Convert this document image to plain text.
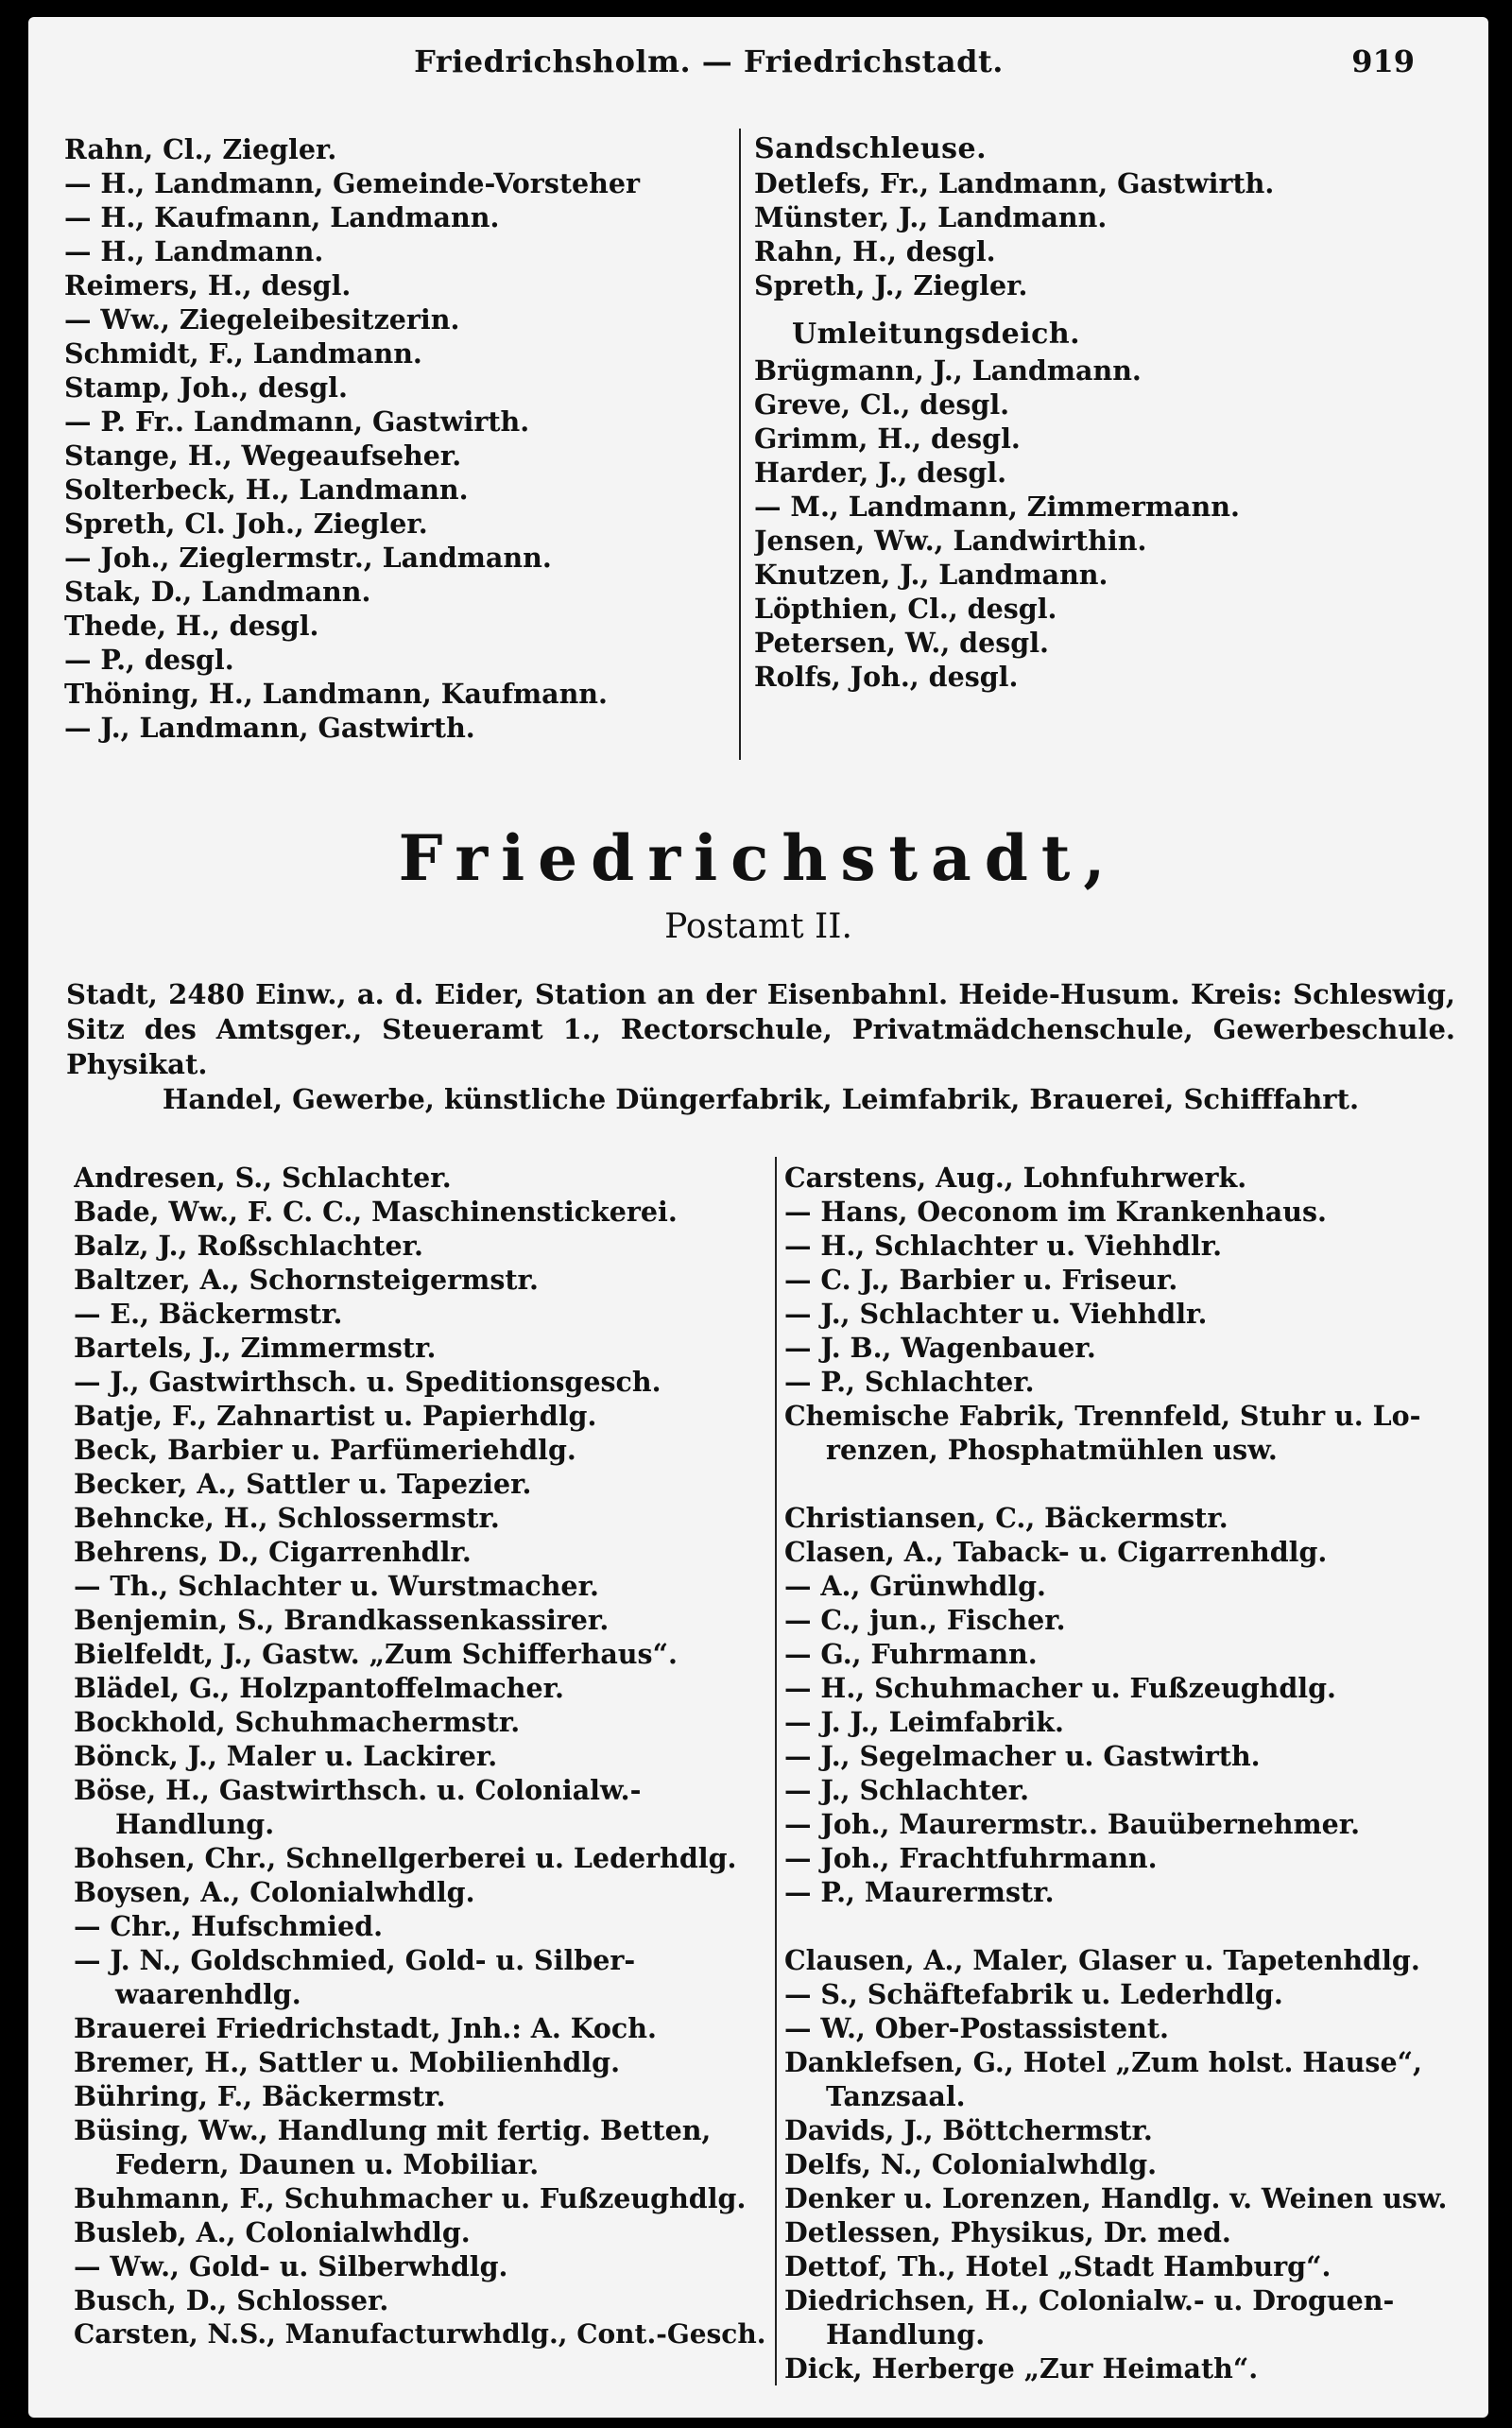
Friedrichsholm. — Friedrichstadt.	919
Rahn, Cl., Ziegler.
— H., Landmann, Gemeinde-Vorsteher
— H., Kaufmann, Landmann.
— H., Landmann.
Reimers, H., desgl.
— Ww., Ziegeleibesitzerin.
Schmidt, F., Landmann.
Stamp, Joh., desgl.
— P. Fr.. Landmann, Gastwirth.
Stange, H., Wegeaufseher.
Solterbeck, H., Landmann.
Spreth, Cl. Joh., Ziegler.
— Joh., Zieglermstr., Landmann.
Stak, D., Landmann.
Thede, H., desgl.
— P., desgl.
Thöning, H., Landmann, Kaufmann.
— J., Landmann, Gastwirth.
Sandschleuse.
Detlefs, Fr., Landmann, Gastwirth.
Münster, J., Landmann.
Rahn, H., desgl.
Spreth, J., Ziegler.
Umleitungsdeich.
Brügmann, J., Landmann.
Greve, Cl., desgl.
Grimm, H., desgl.
Harder, J., desgl.
— M., Landmann, Zimmermann.
Jensen, Ww., Landwirthin.
Knutzen, J., Landmann.
Löpthien, Cl., desgl.
Petersen, W., desgl.
Rolfs, Joh., desgl.
Friedrichstadt,
Postamt II.

Stadt, 2480 Einw., a. d. Eider, Station an der Eisenbahnl. Heide-Husum. Kreis: Schleswig, Sitz des Amtsger., Steueramt 1., Rectorschule, Privatmädchenschule, Gewerbeschule. Physikat.

Handel, Gewerbe, künstliche Düngerfabrik, Leimfabrik, Brauerei, Schifffahrt.

Andresen, S., Schlachter.
Bade, Ww., F. C. C., Maschinenstickerei.
Balz, J., Roßschlachter.
Baltzer, A., Schornsteigermstr.
— E., Bäckermstr.
Bartels, J., Zimmermstr.
— J., Gastwirthsch. u. Speditionsgesch.
Batje, F., Zahnartist u. Papierhdlg.
Beck, Barbier u. Parfümeriehdlg.
Becker, A., Sattler u. Tapezier.
Behncke, H., Schlossermstr.
Behrens, D., Cigarrenhdlr.
— Th., Schlachter u. Wurstmacher.
Benjemin, S., Brandkassenkassirer.
Bielfeldt, J., Gastw. „Zum Schifferhaus“.
Blädel, G., Holzpantoffelmacher.
Bockhold, Schuhmachermstr.
Bönck, J., Maler u. Lackirer.
Böse, H., Gastwirthsch. u. Colonialw.-
Handlung.
Bohsen, Chr., Schnellgerberei u. Lederhdlg.
Boysen, A., Colonialwhdlg.
— Chr., Hufschmied.
— J. N., Goldschmied, Gold- u. Silber-
waarenhdlg.
Brauerei Friedrichstadt, Jnh.: A. Koch.
Bremer, H., Sattler u. Mobilienhdlg.
Bühring, F., Bäckermstr.
Büsing, Ww., Handlung mit fertig. Betten,
Federn, Daunen u. Mobiliar.
Buhmann, F., Schuhmacher u. Fußzeughdlg.
Busleb, A., Colonialwhdlg.
— Ww., Gold- u. Silberwhdlg.
Busch, D., Schlosser.
Carsten, N.S., Manufacturwhdlg., Cont.-Gesch.
Carstens, Aug., Lohnfuhrwerk.
— Hans, Oeconom im Krankenhaus.
— H., Schlachter u. Viehhdlr.
— C. J., Barbier u. Friseur.
— J., Schlachter u. Viehhdlr.
— J. B., Wagenbauer.
— P., Schlachter.
Chemische Fabrik, Trennfeld, Stuhr u. Lo-
renzen, Phosphatmühlen usw.
Christiansen, C., Bäckermstr.
Clasen, A., Taback- u. Cigarrenhdlg.
— A., Grünwhdlg.
— C., jun., Fischer.
— G., Fuhrmann.
— H., Schuhmacher u. Fußzeughdlg.
— J. J., Leimfabrik.
— J., Segelmacher u. Gastwirth.
— J., Schlachter.
— Joh., Maurermstr.. Bauübernehmer.
— Joh., Frachtfuhrmann.
— P., Maurermstr.
Clausen, A., Maler, Glaser u. Tapetenhdlg.
— S., Schäftefabrik u. Lederhdlg.
— W., Ober-Postassistent.
Danklefsen, G., Hotel „Zum holst. Hause“,
Tanzsaal.
Davids, J., Böttchermstr.
Delfs, N., Colonialwhdlg.
Denker u. Lorenzen, Handlg. v. Weinen usw.
Detlessen, Physikus, Dr. med.
Dettof, Th., Hotel „Stadt Hamburg“.
Diedrichsen, H., Colonialw.- u. Droguen-
Handlung.
Dick, Herberge „Zur Heimath“.
